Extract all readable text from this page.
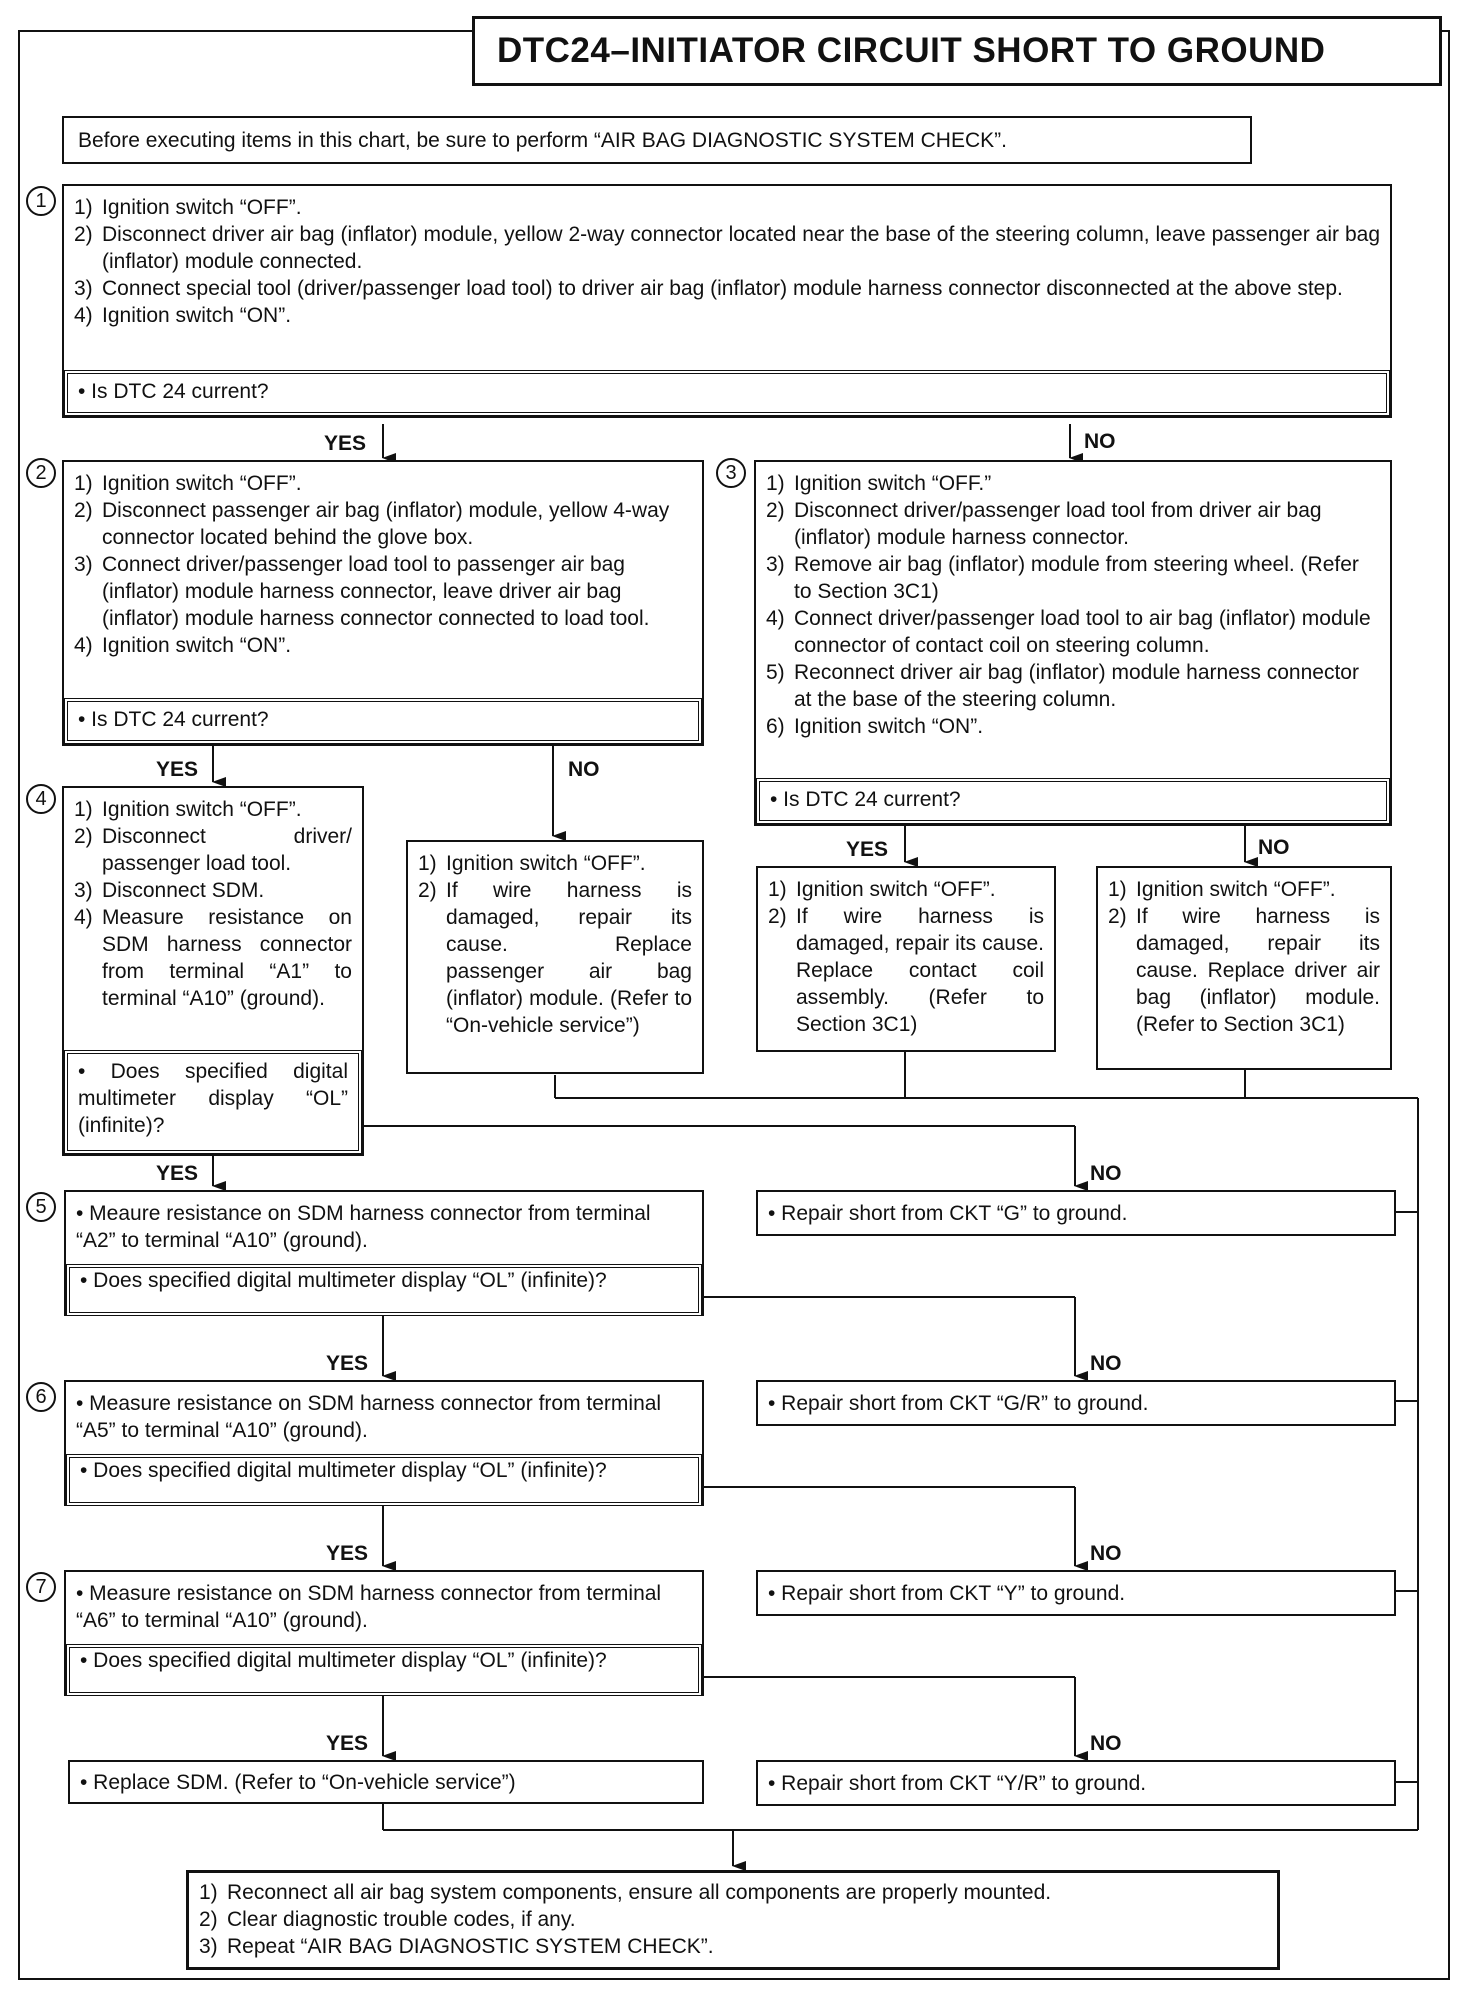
DTC24–INITIATOR CIRCUIT SHORT TO GROUND
Before executing items in this chart, be sure to perform “AIR BAG DIAGNOSTIC SYSTEM CHECK”.
1	1) Ignition switch “OFF”.
2) Disconnect driver air bag (inflator) module, yellow 2-way connector located near the base of the steering column, leave passenger air bag (inflator) module connected.
3) Connect special tool (driver/passenger load tool) to driver air bag (inflator) module harness connector disconnected at the above step.
4) Ignition switch “ON”.
• Is DTC 24 current?
YES	NO
2	1) Ignition switch “OFF”.
2) Disconnect passenger air bag (inflator) module, yellow 4-way connector located behind the glove box.
3) Connect driver/passenger load tool to passenger air bag (inflator) module harness connector, leave driver air bag (inflator) module harness connector connected to load tool.
4) Ignition switch “ON”.
• Is DTC 24 current?
3	1) Ignition switch “OFF.”
2) Disconnect driver/passenger load tool from driver air bag (inflator) module harness connector.
3) Remove air bag (inflator) module from steering wheel. (Refer to Section 3C1)
4) Connect driver/passenger load tool to air bag (inflator) module connector of contact coil on steering column.
5) Reconnect driver air bag (inflator) module harness connector at the base of the steering column.
6) Ignition switch “ON”.
• Is DTC 24 current?
YES	NO
YES	NO
4	1) Ignition switch “OFF”.
2) Disconnect driver/ passenger load tool.
3) Disconnect SDM.
4) Measure resistance on SDM harness connector from terminal “A1” to terminal “A10” (ground).
• Does specified digital multimeter display “OL” (infinite)?
1) Ignition switch “OFF”.
2) If wire harness is damaged, repair its cause. Replace passenger air bag (inflator) module. (Refer to “On-vehicle service”)
1) Ignition switch “OFF”.
2) If wire harness is damaged, repair its cause. Replace contact coil assembly. (Refer to Section 3C1)
1) Ignition switch “OFF”.
2) If wire harness is damaged, repair its cause. Replace driver air bag (inflator) module. (Refer to Section 3C1)
YES	NO
5	• Meaure resistance on SDM harness connector from terminal “A2” to terminal “A10” (ground).
• Does specified digital multimeter display “OL” (infinite)?
• Repair short from CKT “G” to ground.
YES	NO
6	• Measure resistance on SDM harness connector from terminal “A5” to terminal “A10” (ground).
• Does specified digital multimeter display “OL” (infinite)?
• Repair short from CKT “G/R” to ground.
YES	NO
7	• Measure resistance on SDM harness connector from terminal “A6” to terminal “A10” (ground).
• Does specified digital multimeter display “OL” (infinite)?
• Repair short from CKT “Y” to ground.
YES	NO
• Replace SDM. (Refer to “On-vehicle service”)	• Repair short from CKT “Y/R” to ground.
1) Reconnect all air bag system components, ensure all components are properly mounted.
2) Clear diagnostic trouble codes, if any.
3) Repeat “AIR BAG DIAGNOSTIC SYSTEM CHECK”.
